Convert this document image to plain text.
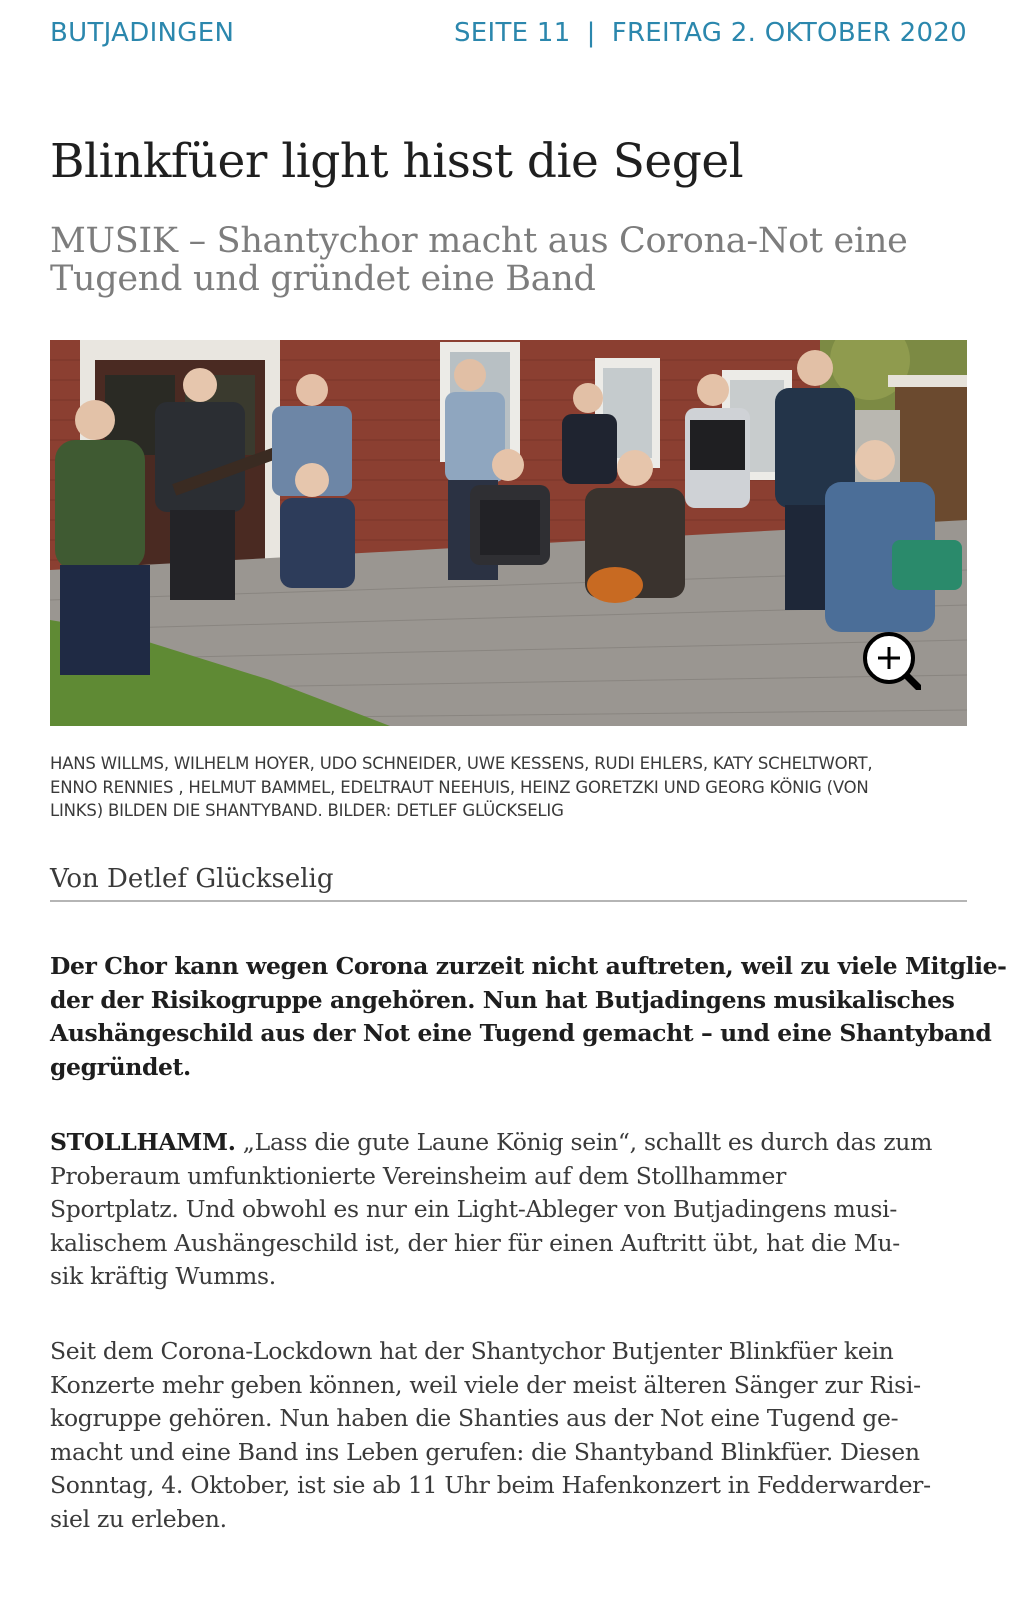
BUTJADINGEN	SEITE 11 | FREITAG 2. OKTOBER 2020
Blinkfüer light hisst die Segel
MUSIK – Shantychor macht aus Corona-Not eine Tugend und gründet eine Band
HANS WILLMS, WILHELM HOYER, UDO SCHNEIDER, UWE KESSENS, RUDI EHLERS, KATY SCHELTWORT,
ENNO RENNIES , HELMUT BAMMEL, EDELTRAUT NEEHUIS, HEINZ GORETZKI UND GEORG KÖNIG (VON
LINKS) BILDEN DIE SHANTYBAND. BILDER: DETLEF GLÜCKSELIG
Von Detlef Glückselig
Der Chor kann wegen Corona zurzeit nicht auftreten, weil zu viele Mitglie-
der der Risikogruppe angehören. Nun hat Butjadingens musikalisches
Aushängeschild aus der Not eine Tugend gemacht – und eine Shantyband
gegründet.
STOLLHAMM. „Lass die gute Laune König sein“, schallt es durch das zum
Proberaum umfunktionierte Vereinsheim auf dem Stollhammer
Sportplatz. Und obwohl es nur ein Light-Ableger von Butjadingens musi-
kalischem Aushängeschild ist, der hier für einen Auftritt übt, hat die Mu-
sik kräftig Wumms.
Seit dem Corona-Lockdown hat der Shantychor Butjenter Blinkfüer kein
Konzerte mehr geben können, weil viele der meist älteren Sänger zur Risi-
kogruppe gehören. Nun haben die Shanties aus der Not eine Tugend ge-
macht und eine Band ins Leben gerufen: die Shantyband Blinkfüer. Diesen
Sonntag, 4. Oktober, ist sie ab 11 Uhr beim Hafenkonzert in Fedderwarder-
siel zu erleben.
